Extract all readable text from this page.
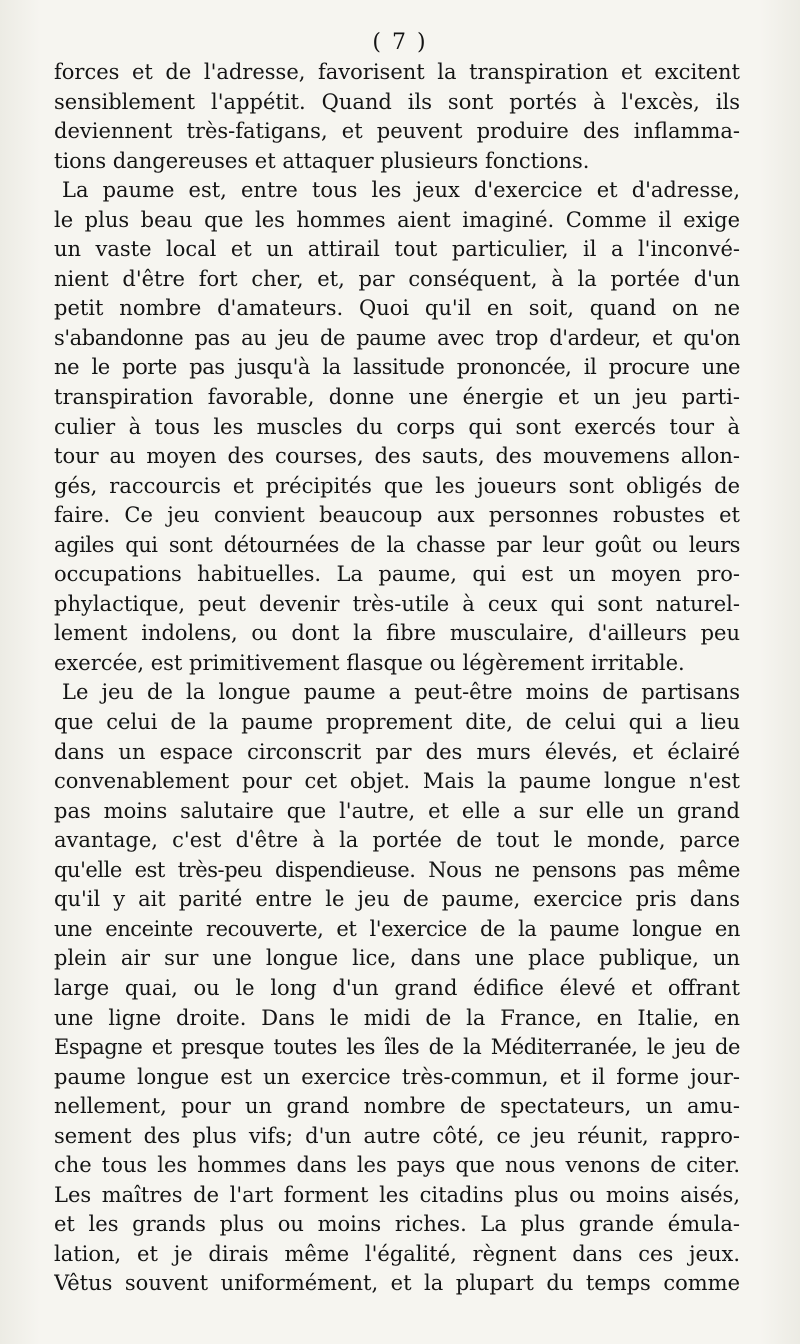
( 7 )
forces et de l'adresse, favorisent la transpiration et excitent
sensiblement l'appétit. Quand ils sont portés à l'excès, ils
deviennent très-fatigans, et peuvent produire des inflamma-
tions dangereuses et attaquer plusieurs fonctions.
La paume est, entre tous les jeux d'exercice et d'adresse,
le plus beau que les hommes aient imaginé. Comme il exige
un vaste local et un attirail tout particulier, il a l'inconvé-
nient d'être fort cher, et, par conséquent, à la portée d'un
petit nombre d'amateurs. Quoi qu'il en soit, quand on ne
s'abandonne pas au jeu de paume avec trop d'ardeur, et qu'on
ne le porte pas jusqu'à la lassitude prononcée, il procure une
transpiration favorable, donne une énergie et un jeu parti-
culier à tous les muscles du corps qui sont exercés tour à
tour au moyen des courses, des sauts, des mouvemens allon-
gés, raccourcis et précipités que les joueurs sont obligés de
faire. Ce jeu convient beaucoup aux personnes robustes et
agiles qui sont détournées de la chasse par leur goût ou leurs
occupations habituelles. La paume, qui est un moyen pro-
phylactique, peut devenir très-utile à ceux qui sont naturel-
lement indolens, ou dont la fibre musculaire, d'ailleurs peu
exercée, est primitivement flasque ou légèrement irritable.
Le jeu de la longue paume a peut-être moins de partisans
que celui de la paume proprement dite, de celui qui a lieu
dans un espace circonscrit par des murs élevés, et éclairé
convenablement pour cet objet. Mais la paume longue n'est
pas moins salutaire que l'autre, et elle a sur elle un grand
avantage, c'est d'être à la portée de tout le monde, parce
qu'elle est très-peu dispendieuse. Nous ne pensons pas même
qu'il y ait parité entre le jeu de paume, exercice pris dans
une enceinte recouverte, et l'exercice de la paume longue en
plein air sur une longue lice, dans une place publique, un
large quai, ou le long d'un grand édifice élevé et offrant
une ligne droite. Dans le midi de la France, en Italie, en
Espagne et presque toutes les îles de la Méditerranée, le jeu de
paume longue est un exercice très-commun, et il forme jour-
nellement, pour un grand nombre de spectateurs, un amu-
sement des plus vifs; d'un autre côté, ce jeu réunit, rappro-
che tous les hommes dans les pays que nous venons de citer.
Les maîtres de l'art forment les citadins plus ou moins aisés,
et les grands plus ou moins riches. La plus grande émula-
lation, et je dirais même l'égalité, règnent dans ces jeux.
Vêtus souvent uniformément, et la plupart du temps comme
